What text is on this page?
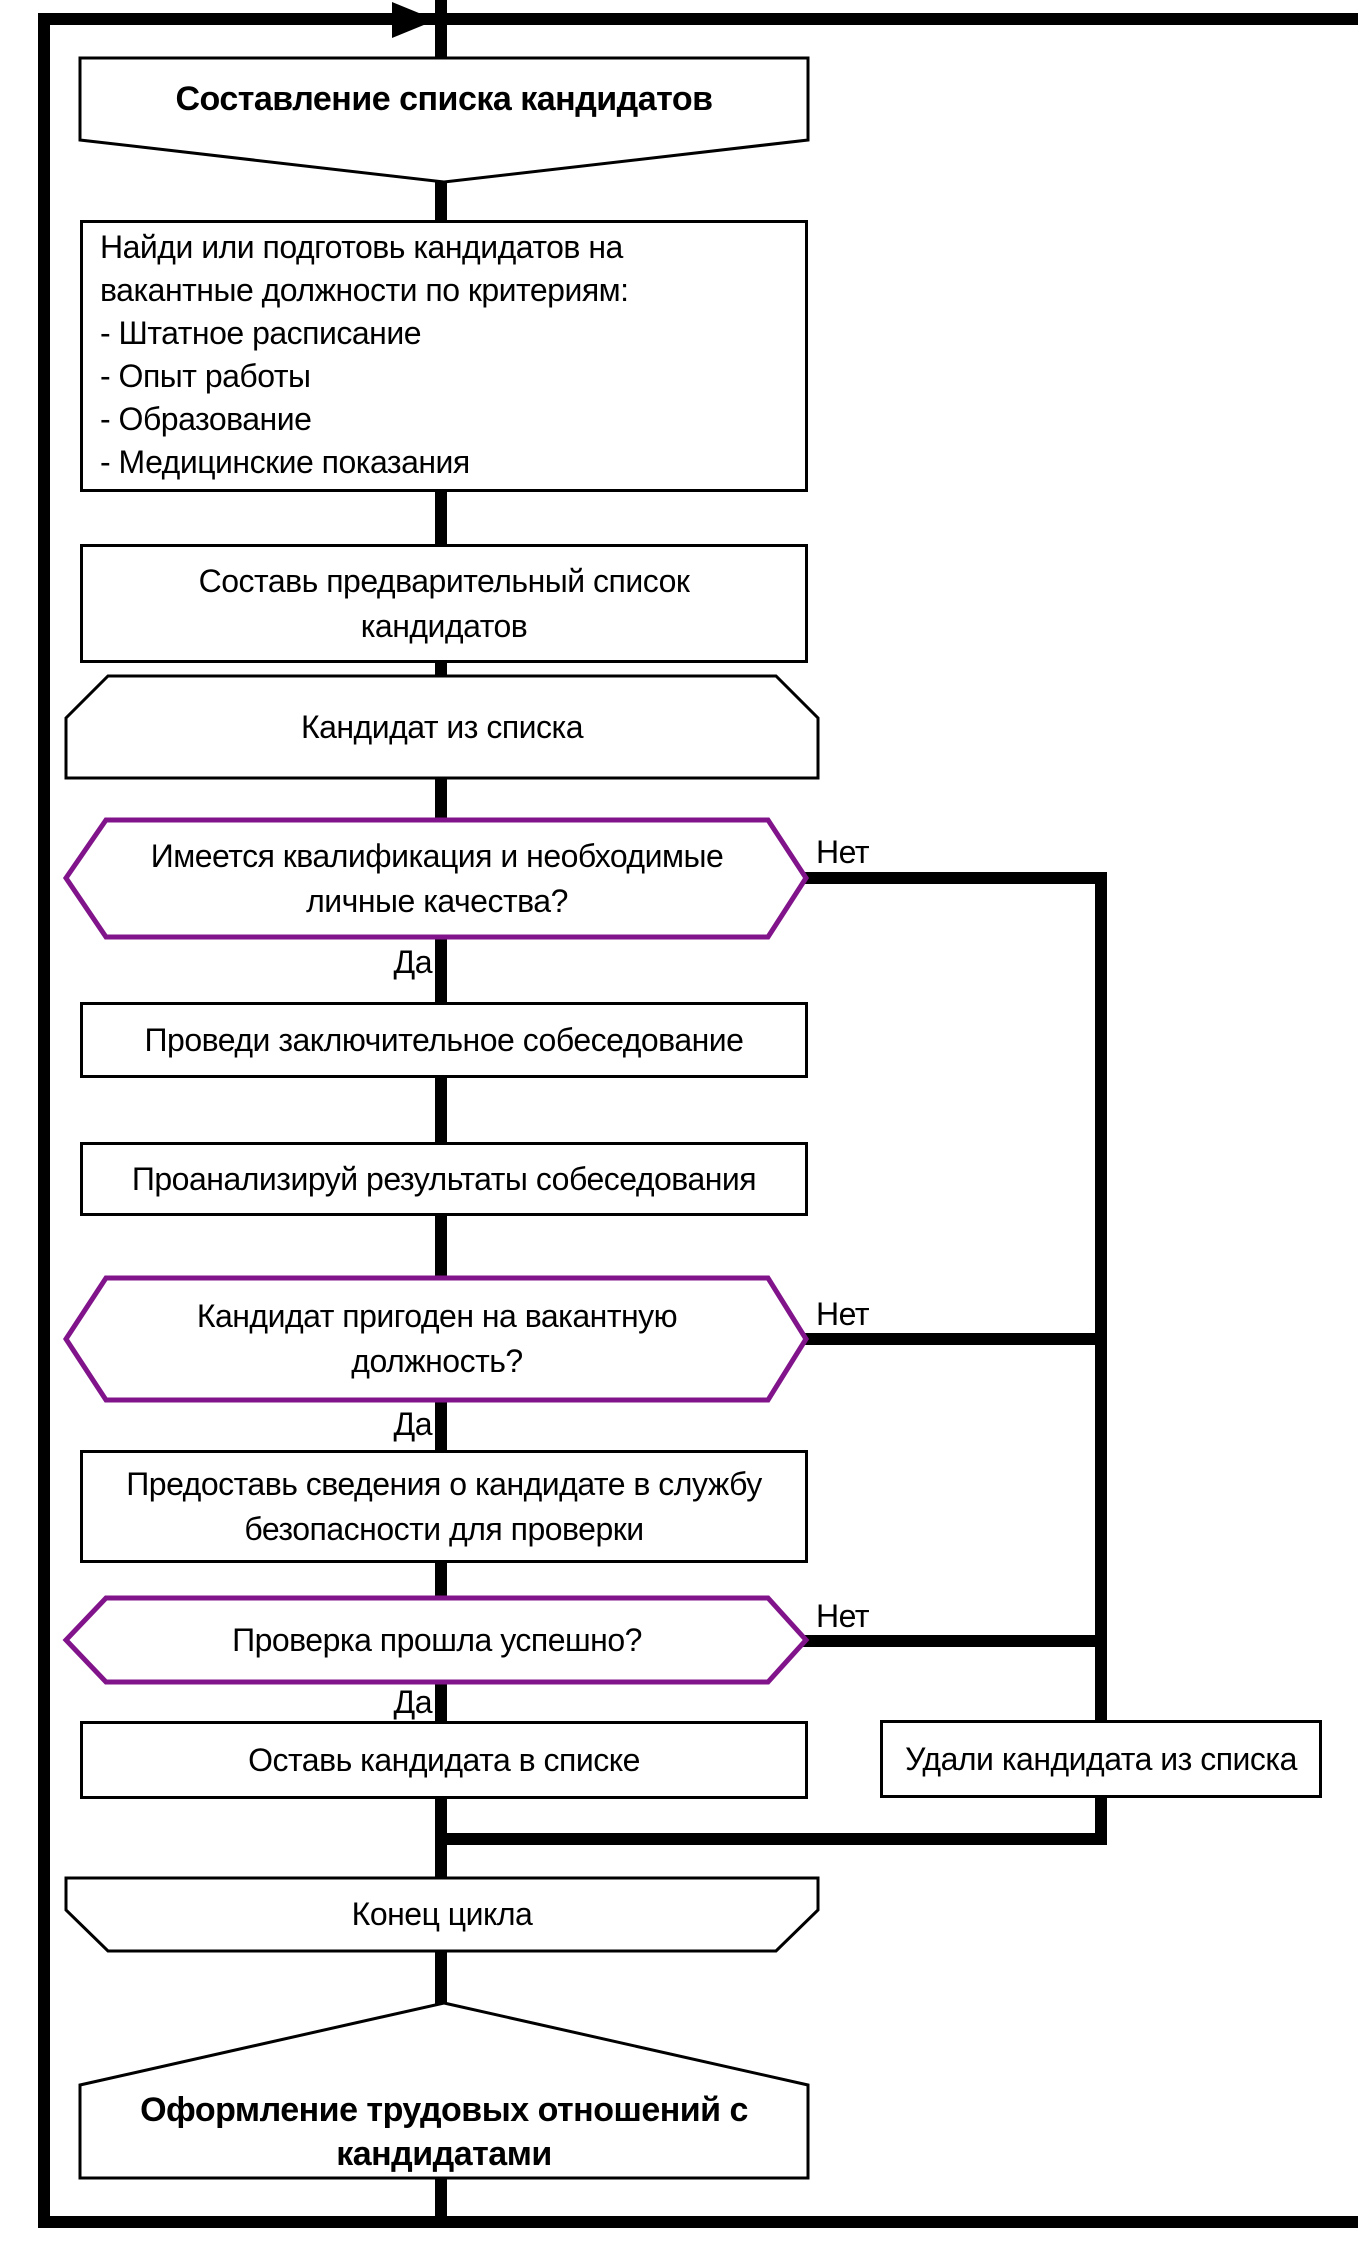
Составление списка кандидатов
Найди или подготовь кандидатов на
вакантные должности по критериям:
- Штатное расписание
- Опыт работы
- Образование
- Медицинские показания
Составь предварительный список
кандидатов
Кандидат из списка
Имеется квалификация и необходимые
личные качества?
Проведи заключительное собеседование
Проанализируй результаты собеседования
Кандидат пригоден на вакантную
должность?
Предоставь сведения о кандидате в службу
безопасности для проверки
Проверка прошла успешно?
Оставь кандидата в списке	Удали кандидата из списка
Конец цикла
Оформление трудовых отношений с
кандидатами
Да
Да
Да
Нет
Нет
Нет
